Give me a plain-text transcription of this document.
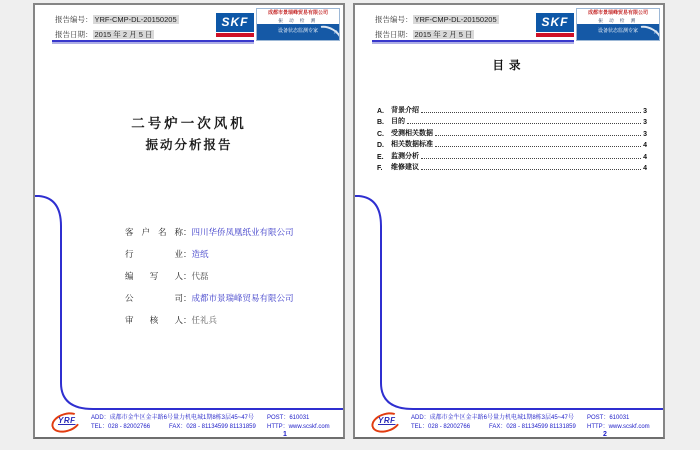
报告编号： YRF-CMP-DL-20150205
报告日期： 2015 年 2 月 5 日
SKF
成都市景瑞峰贸易有限公司
振 动 检 测
设备状态监测专家 »
二号炉一次风机
振动分析报告
客 户 名 称：四川华侨凤凰纸业有限公司
行 业：造纸
编 写 人：代磊
公 司：成都市景瑞峰贸易有限公司
审 核 人：任礼兵
YRF	ADD：成都市金牛区金丰路6号量力机电城1期8栋3层45~47号	POST：610031
TEL：028 - 82002766	FAX：028 - 81134599 81131859	HTTP：www.scskf.com
1
报告编号： YRF-CMP-DL-20150205
报告日期： 2015 年 2 月 5 日
SKF
成都市景瑞峰贸易有限公司
振 动 检 测
设备状态监测专家 »
目录
A.	背景介绍	3
B.	目的	3
C.	受测相关数据	3
D.	相关数据标准	4
E.	监测分析	4
F.	维修建议	4
YRF	ADD：成都市金牛区金丰路6号量力机电城1期8栋3层45~47号	POST：610031
TEL：028 - 82002766	FAX：028 - 81134599 81131859	HTTP：www.scskf.com
2
